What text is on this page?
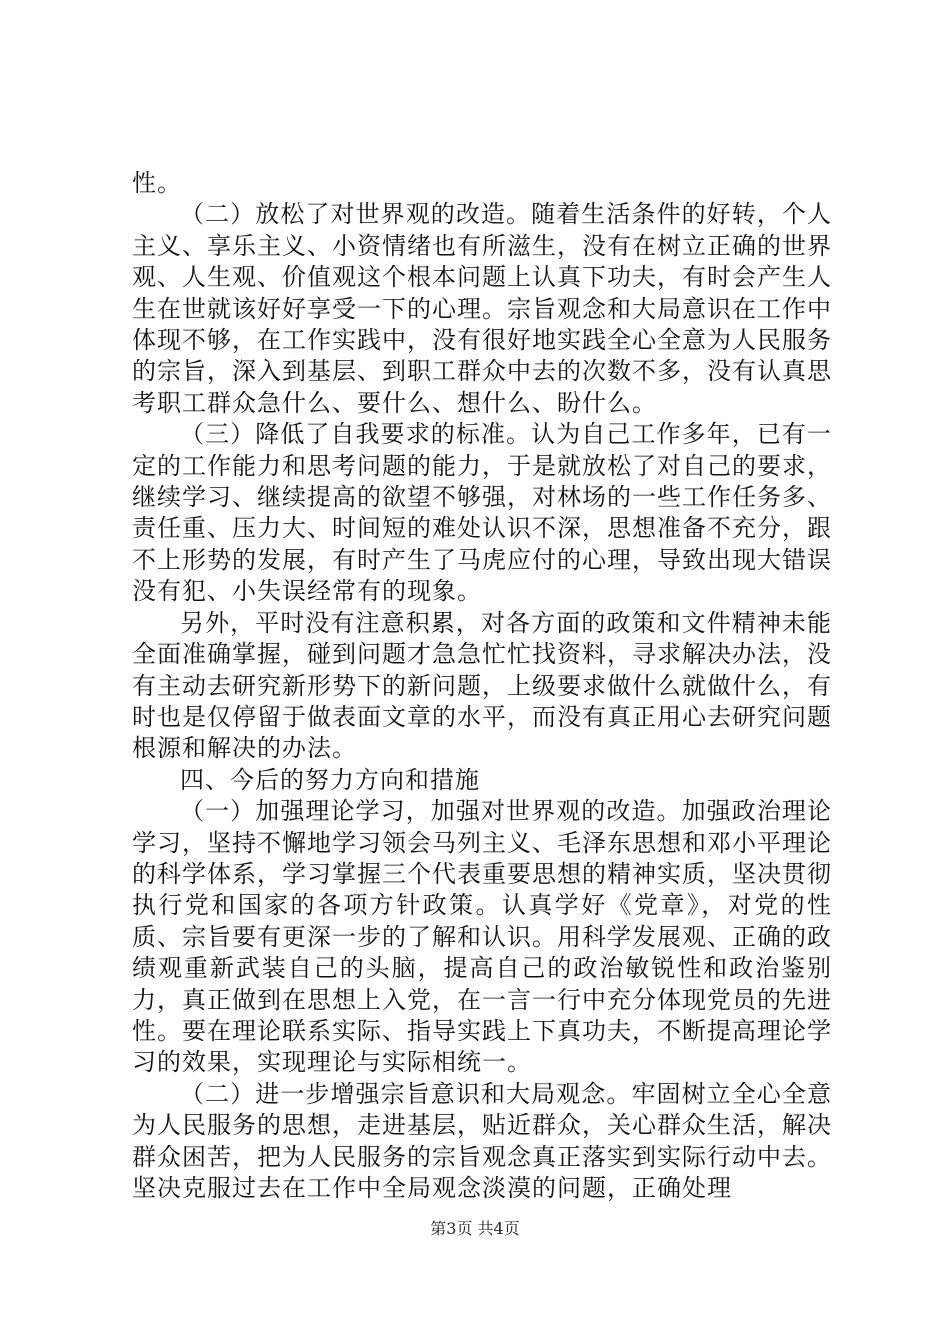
性。

（二）放松了对世界观的改造。随着生活条件的好转，个人主义、享乐主义、小资情绪也有所滋生，没有在树立正确的世界观、人生观、价值观这个根本问题上认真下功夫，有时会产生人生在世就该好好享受一下的心理。宗旨观念和大局意识在工作中体现不够，在工作实践中，没有很好地实践全心全意为人民服务的宗旨，深入到基层、到职工群众中去的次数不多，没有认真思考职工群众急什么、要什么、想什么、盼什么。

（三）降低了自我要求的标准。认为自己工作多年，已有一定的工作能力和思考问题的能力，于是就放松了对自己的要求，继续学习、继续提高的欲望不够强，对林场的一些工作任务多、责任重、压力大、时间短的难处认识不深，思想准备不充分，跟不上形势的发展，有时产生了马虎应付的心理，导致出现大错误没有犯、小失误经常有的现象。

另外，平时没有注意积累，对各方面的政策和文件精神未能全面准确掌握，碰到问题才急急忙忙找资料，寻求解决办法，没有主动去研究新形势下的新问题，上级要求做什么就做什么，有时也是仅停留于做表面文章的水平，而没有真正用心去研究问题根源和解决的办法。

四、今后的努力方向和措施

（一）加强理论学习，加强对世界观的改造。加强政治理论学习，坚持不懈地学习领会马列主义、毛泽东思想和邓小平理论的科学体系，学习掌握三个代表重要思想的精神实质，坚决贯彻执行党和国家的各项方针政策。认真学好《党章》，对党的性质、宗旨要有更深一步的了解和认识。用科学发展观、正确的政绩观重新武装自己的头脑，提高自己的政治敏锐性和政治鉴别力，真正做到在思想上入党，在一言一行中充分体现党员的先进性。要在理论联系实际、指导实践上下真功夫，不断提高理论学习的效果，实现理论与实际相统一。

（二）进一步增强宗旨意识和大局观念。牢固树立全心全意为人民服务的思想，走进基层，贴近群众，关心群众生活，解决群众困苦，把为人民服务的宗旨观念真正落实到实际行动中去。坚决克服过去在工作中全局观念淡漠的问题，正确处理

第3页 共4页
